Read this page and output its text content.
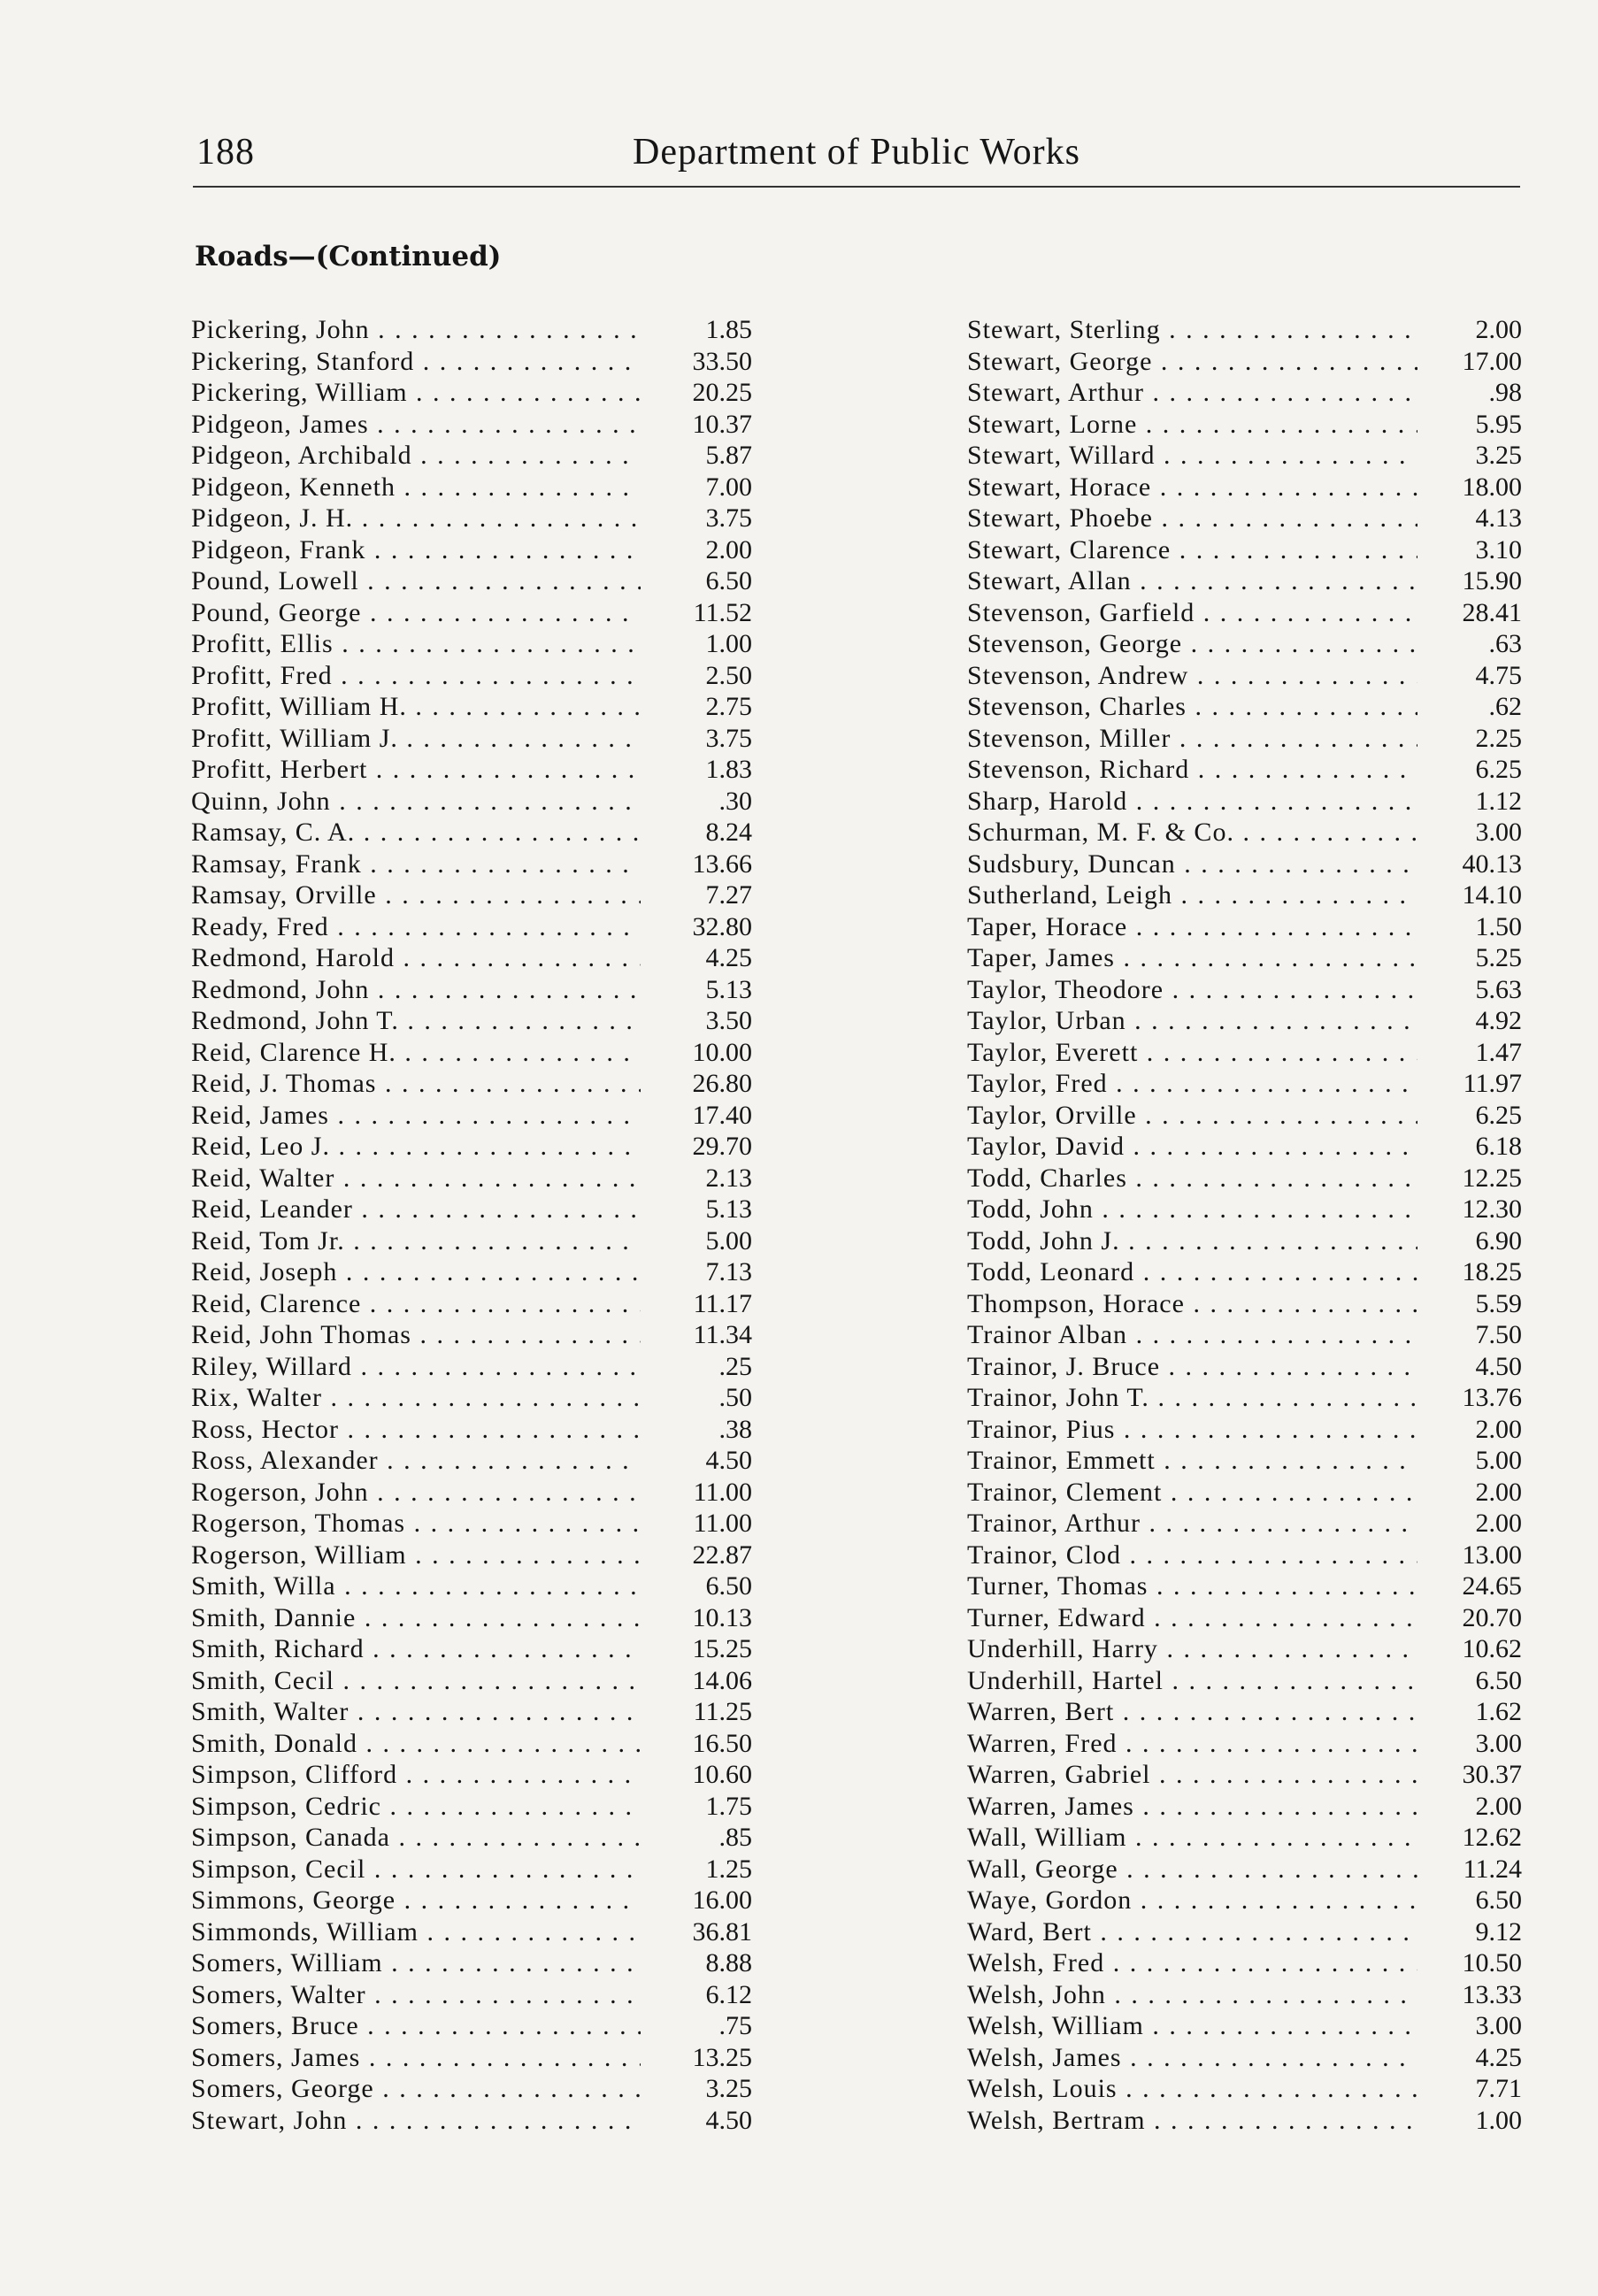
Department of Public Works
188
Roads—(Continued)
Pickering, John . . .	1.85
Pickering, Stanford . . .	33.50
Pickering, William . . .	20.25
Pidgeon, James . . .	10.37
Pidgeon, Archibald . . .	5.87
Pidgeon, Kenneth . . .	7.00
Pidgeon, J. H. . . .	3.75
Pidgeon, Frank . . .	2.00
Pound, Lowell . . .	6.50
Pound, George . . .	11.52
Profitt, Ellis . . .	1.00
Profitt, Fred . . .	2.50
Profitt, William H. . . .	2.75
Profitt, William J. . . .	3.75
Profitt, Herbert . . .	1.83
Quinn, John . . .	.30
Ramsay, C. A. . . .	8.24
Ramsay, Frank . . .	13.66
Ramsay, Orville . . .	7.27
Ready, Fred . . .	32.80
Redmond, Harold . . .	4.25
Redmond, John . . .	5.13
Redmond, John T. . . .	3.50
Reid, Clarence H. . . .	10.00
Reid, J. Thomas . . .	26.80
Reid, James . . .	17.40
Reid, Leo J. . . .	29.70
Reid, Walter . . .	2.13
Reid, Leander . . .	5.13
Reid, Tom Jr. . . .	5.00
Reid, Joseph . . .	7.13
Reid, Clarence . . .	11.17
Reid, John Thomas . . .	11.34
Riley, Willard . . .	.25
Rix, Walter . . .	.50
Ross, Hector . . .	.38
Ross, Alexander . . .	4.50
Rogerson, John . . .	11.00
Rogerson, Thomas . . .	11.00
Rogerson, William . . .	22.87
Smith, Willa . . .	6.50
Smith, Dannie . . .	10.13
Smith, Richard . . .	15.25
Smith, Cecil . . .	14.06
Smith, Walter . . .	11.25
Smith, Donald . . .	16.50
Simpson, Clifford . . .	10.60
Simpson, Cedric . . .	1.75
Simpson, Canada . . .	.85
Simpson, Cecil . . .	1.25
Simmons, George . . .	16.00
Simmonds, William . . .	36.81
Somers, William . . .	8.88
Somers, Walter . . .	6.12
Somers, Bruce . . .	.75
Somers, James . . .	13.25
Somers, George . . .	3.25
Stewart, John . . .	4.50
Stewart, Sterling . . .	2.00
Stewart, George . . .	17.00
Stewart, Arthur . . .	.98
Stewart, Lorne . . .	5.95
Stewart, Willard . . .	3.25
Stewart, Horace . . .	18.00
Stewart, Phoebe . . .	4.13
Stewart, Clarence . . .	3.10
Stewart, Allan . . .	15.90
Stevenson, Garfield . . .	28.41
Stevenson, George . . .	.63
Stevenson, Andrew . . .	4.75
Stevenson, Charles . . .	.62
Stevenson, Miller . . .	2.25
Stevenson, Richard . . .	6.25
Sharp, Harold . . .	1.12
Schurman, M. F. & Co. . . .	3.00
Sudsbury, Duncan . . .	40.13
Sutherland, Leigh . . .	14.10
Taper, Horace . . .	1.50
Taper, James . . .	5.25
Taylor, Theodore . . .	5.63
Taylor, Urban . . .	4.92
Taylor, Everett . . .	1.47
Taylor, Fred . . .	11.97
Taylor, Orville . . .	6.25
Taylor, David . . .	6.18
Todd, Charles . . .	12.25
Todd, John . . .	12.30
Todd, John J. . . .	6.90
Todd, Leonard . . .	18.25
Thompson, Horace . . .	5.59
Trainor Alban . . .	7.50
Trainor, J. Bruce . . .	4.50
Trainor, John T. . . .	13.76
Trainor, Pius . . .	2.00
Trainor, Emmett . . .	5.00
Trainor, Clement . . .	2.00
Trainor, Arthur . . .	2.00
Trainor, Clod . . .	13.00
Turner, Thomas . . .	24.65
Turner, Edward . . .	20.70
Underhill, Harry . . .	10.62
Underhill, Hartel . . .	6.50
Warren, Bert . . .	1.62
Warren, Fred . . .	3.00
Warren, Gabriel . . .	30.37
Warren, James . . .	2.00
Wall, William . . .	12.62
Wall, George . . .	11.24
Waye, Gordon . . .	6.50
Ward, Bert . . .	9.12
Welsh, Fred . . .	10.50
Welsh, John . . .	13.33
Welsh, William . . .	3.00
Welsh, James . . .	4.25
Welsh, Louis . . .	7.71
Welsh, Bertram . . .	1.00
